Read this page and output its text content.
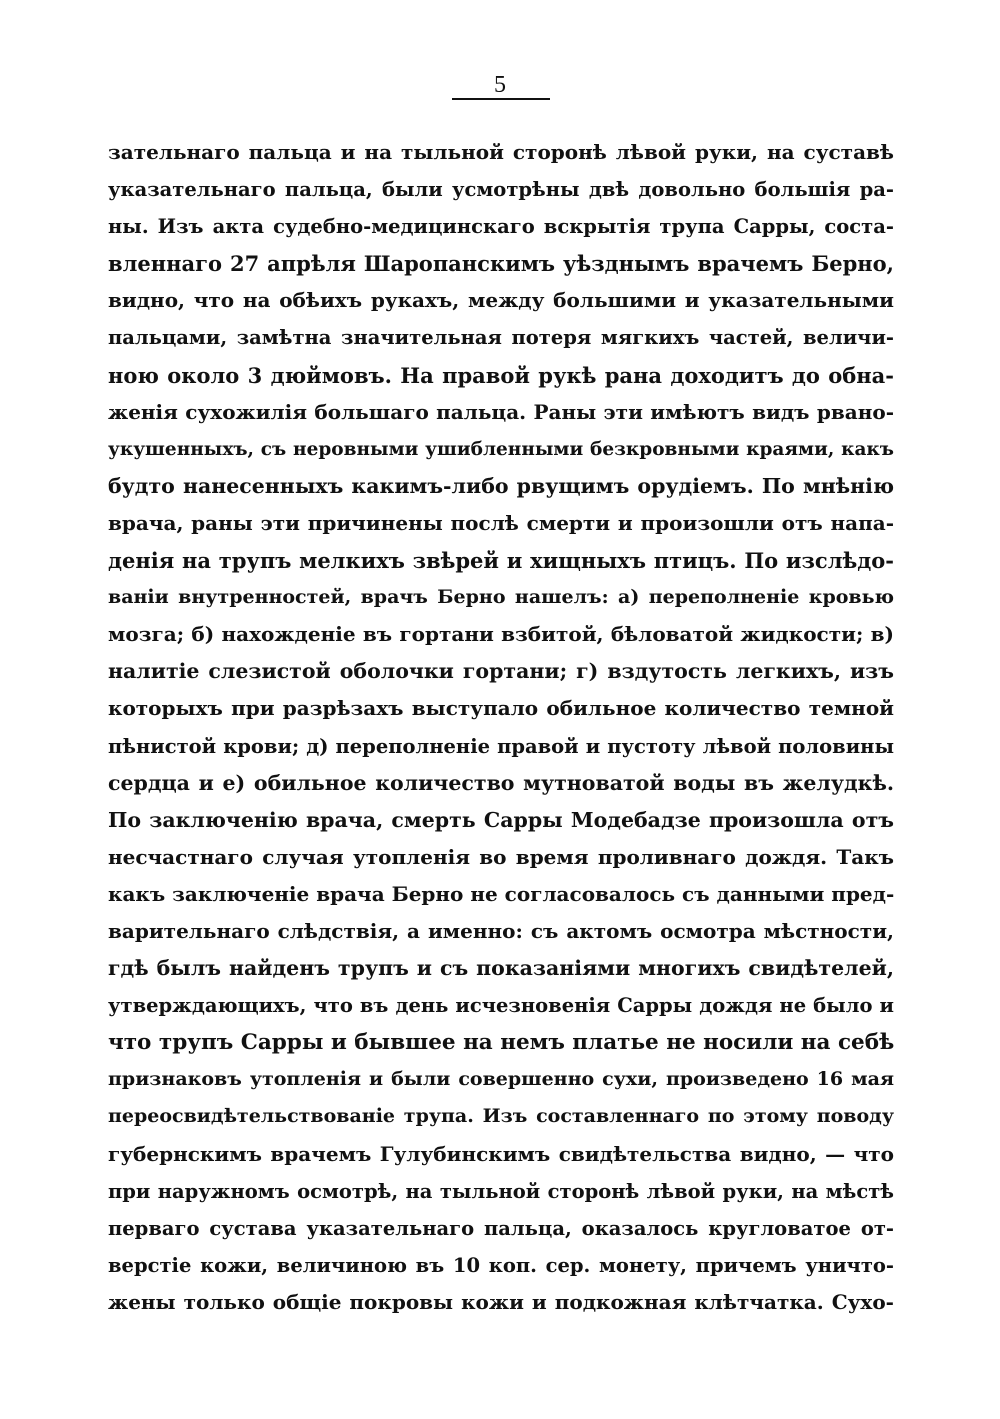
5
зательнаго пальца и на тыльной сторонѣ лѣвой руки, на суставѣ
указательнаго пальца, были усмотрѣны двѣ довольно большія ра-
ны. Изъ акта судебно-медицинскаго вскрытія трупа Сарры, соста-
вленнаго 27 апрѣля Шаропанскимъ уѣзднымъ врачемъ Берно,
видно, что на обѣихъ рукахъ, между большими и указательными
пальцами, замѣтна значительная потеря мягкихъ частей, величи-
ною около 3 дюймовъ. На правой рукѣ рана доходитъ до обна-
женія сухожилія большаго пальца. Раны эти имѣютъ видъ рвано-
укушенныхъ, съ неровными ушибленными безкровными краями, какъ
будто нанесенныхъ какимъ-либо рвущимъ орудіемъ. По мнѣнію
врача, раны эти причинены послѣ смерти и произошли отъ напа-
денія на трупъ мелкихъ звѣрей и хищныхъ птицъ. По изслѣдо-
ваніи внутренностей, врачъ Берно нашелъ: а) переполненіе кровью
мозга; б) нахожденіе въ гортани взбитой, бѣловатой жидкости; в)
налитіе слезистой оболочки гортани; г) вздутость легкихъ, изъ
которыхъ при разрѣзахъ выступало обильное количество темной
пѣнистой крови; д) переполненіе правой и пустоту лѣвой половины
сердца и е) обильное количество мутноватой воды въ желудкѣ.
По заключенію врача, смерть Сарры Модебадзе произошла отъ
несчастнаго случая утопленія во время проливнаго дождя. Такъ
какъ заключеніе врача Берно не согласовалось съ данными пред-
варительнаго слѣдствія, а именно: съ актомъ осмотра мѣстности,
гдѣ былъ найденъ трупъ и съ показаніями многихъ свидѣтелей,
утверждающихъ, что въ день исчезновенія Сарры дождя не было и
что трупъ Сарры и бывшее на немъ платье не носили на себѣ
признаковъ утопленія и были совершенно сухи, произведено 16 мая
переосвидѣтельствованіе трупа. Изъ составленнаго по этому поводу
губернскимъ врачемъ Гулубинскимъ свидѣтельства видно, — что
при наружномъ осмотрѣ, на тыльной сторонѣ лѣвой руки, на мѣстѣ
перваго сустава указательнаго пальца, оказалось кругловатое от-
верстіе кожи, величиною въ 10 коп. сер. монету, причемъ уничто-
жены только общіе покровы кожи и подкожная клѣтчатка. Сухо-
